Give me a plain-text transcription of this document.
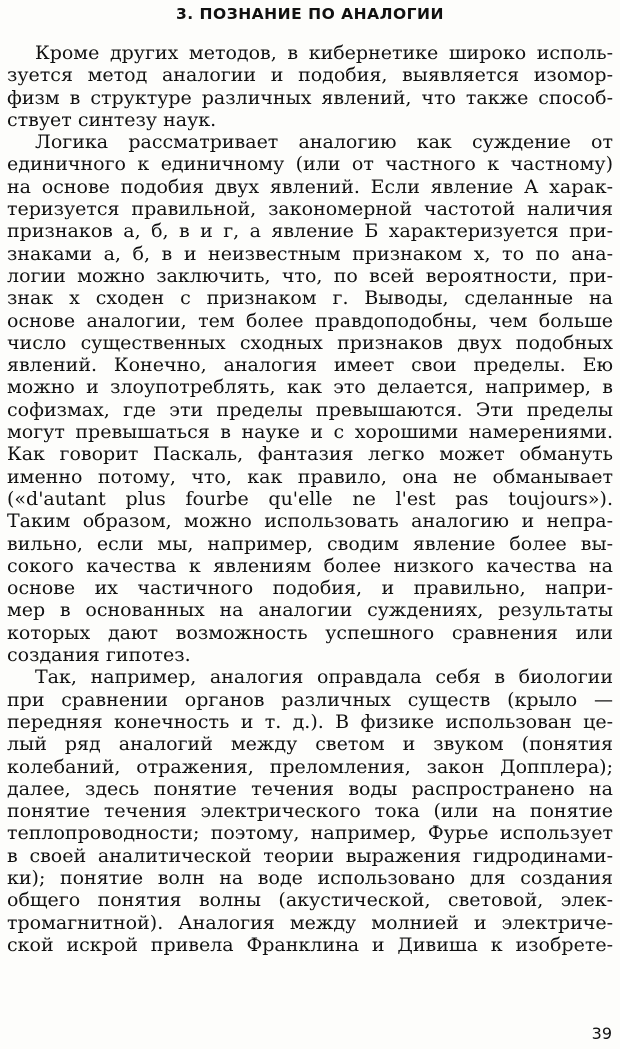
3. ПОЗНАНИЕ ПО АНАЛОГИИ
Кроме других методов, в кибернетике широко исполь-
зуется метод аналогии и подобия, выявляется изомор-
физм в структуре различных явлений, что также способ-
ствует синтезу наук.
Логика рассматривает аналогию как суждение от
единичного к единичному (или от частного к частному)
на основе подобия двух явлений. Если явление А харак-
теризуется правильной, закономерной частотой наличия
признаков а, б, в и г, а явление Б характеризуется при-
знаками а, б, в и неизвестным признаком х, то по ана-
логии можно заключить, что, по всей вероятности, при-
знак х сходен с признаком г. Выводы, сделанные на
основе аналогии, тем более правдоподобны, чем больше
число существенных сходных признаков двух подобных
явлений. Конечно, аналогия имеет свои пределы. Ею
можно и злоупотреблять, как это делается, например, в
софизмах, где эти пределы превышаются. Эти пределы
могут превышаться в науке и с хорошими намерениями.
Как говорит Паскаль, фантазия легко может обмануть
именно потому, что, как правило, она не обманывает
(«d'autant plus fourbe qu'elle ne l'est pas toujours»).
Таким образом, можно использовать аналогию и непра-
вильно, если мы, например, сводим явление более вы-
сокого качества к явлениям более низкого качества на
основе их частичного подобия, и правильно, напри-
мер в основанных на аналогии суждениях, результаты
которых дают возможность успешного сравнения или
создания гипотез.
Так, например, аналогия оправдала себя в биологии
при сравнении органов различных существ (крыло —
передняя конечность и т. д.). В физике использован це-
лый ряд аналогий между светом и звуком (понятия
колебаний, отражения, преломления, закон Допплера);
далее, здесь понятие течения воды распространено на
понятие течения электрического тока (или на понятие
теплопроводности; поэтому, например, Фурье использует
в своей аналитической теории выражения гидродинами-
ки); понятие волн на воде использовано для создания
общего понятия волны (акустической, световой, элек-
тромагнитной). Аналогия между молнией и электриче-
ской искрой привела Франклина и Дивиша к изобрете-
39
